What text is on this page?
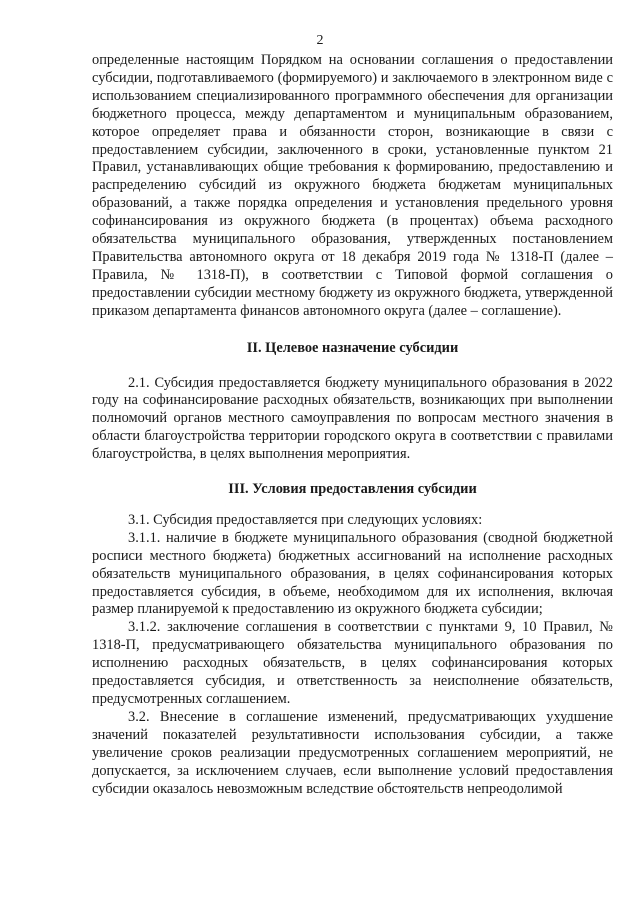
2

определенные настоящим Порядком на основании соглашения о предоставлении субсидии, подготавливаемого (формируемого) и заключаемого в электронном виде с использованием специализированного программного обеспечения для организации бюджетного процесса, между департаментом и муниципальным образованием, которое определяет права и обязанности сторон, возникающие в связи с предоставлением субсидии, заключенного в сроки, установленные пунктом 21 Правил, устанавливающих общие требования к формированию, предоставлению и распределению субсидий из окружного бюджета бюджетам муниципальных образований, а также порядка определения и установления предельного уровня софинансирования из окружного бюджета (в процентах) объема расходного обязательства муниципального образования, утвержденных постановлением Правительства автономного округа от 18 декабря 2019 года № 1318-П (далее – Правила, № 1318-П), в соответствии с Типовой формой соглашения о предоставлении субсидии местному бюджету из окружного бюджета, утвержденной приказом департамента финансов автономного округа (далее – соглашение).

II. Целевое назначение субсидии

2.1. Субсидия предоставляется бюджету муниципального образования в 2022 году на софинансирование расходных обязательств, возникающих при выполнении полномочий органов местного самоуправления по вопросам местного значения в области благоустройства территории городского округа в соответствии с правилами благоустройства, в целях выполнения мероприятия.

III. Условия предоставления субсидии

3.1. Субсидия предоставляется при следующих условиях:

3.1.1. наличие в бюджете муниципального образования (сводной бюджетной росписи местного бюджета) бюджетных ассигнований на исполнение расходных обязательств муниципального образования, в целях софинансирования которых предоставляется субсидия, в объеме, необходимом для их исполнения, включая размер планируемой к предоставлению из окружного бюджета субсидии;

3.1.2. заключение соглашения в соответствии с пунктами 9, 10 Правил, № 1318-П, предусматривающего обязательства муниципального образования по исполнению расходных обязательств, в целях софинансирования которых предоставляется субсидия, и ответственность за неисполнение обязательств, предусмотренных соглашением.

3.2. Внесение в соглашение изменений, предусматривающих ухудшение значений показателей результативности использования субсидии, а также увеличение сроков реализации предусмотренных соглашением мероприятий, не допускается, за исключением случаев, если выполнение условий предоставления субсидии оказалось невозможным вследствие обстоятельств непреодолимой
